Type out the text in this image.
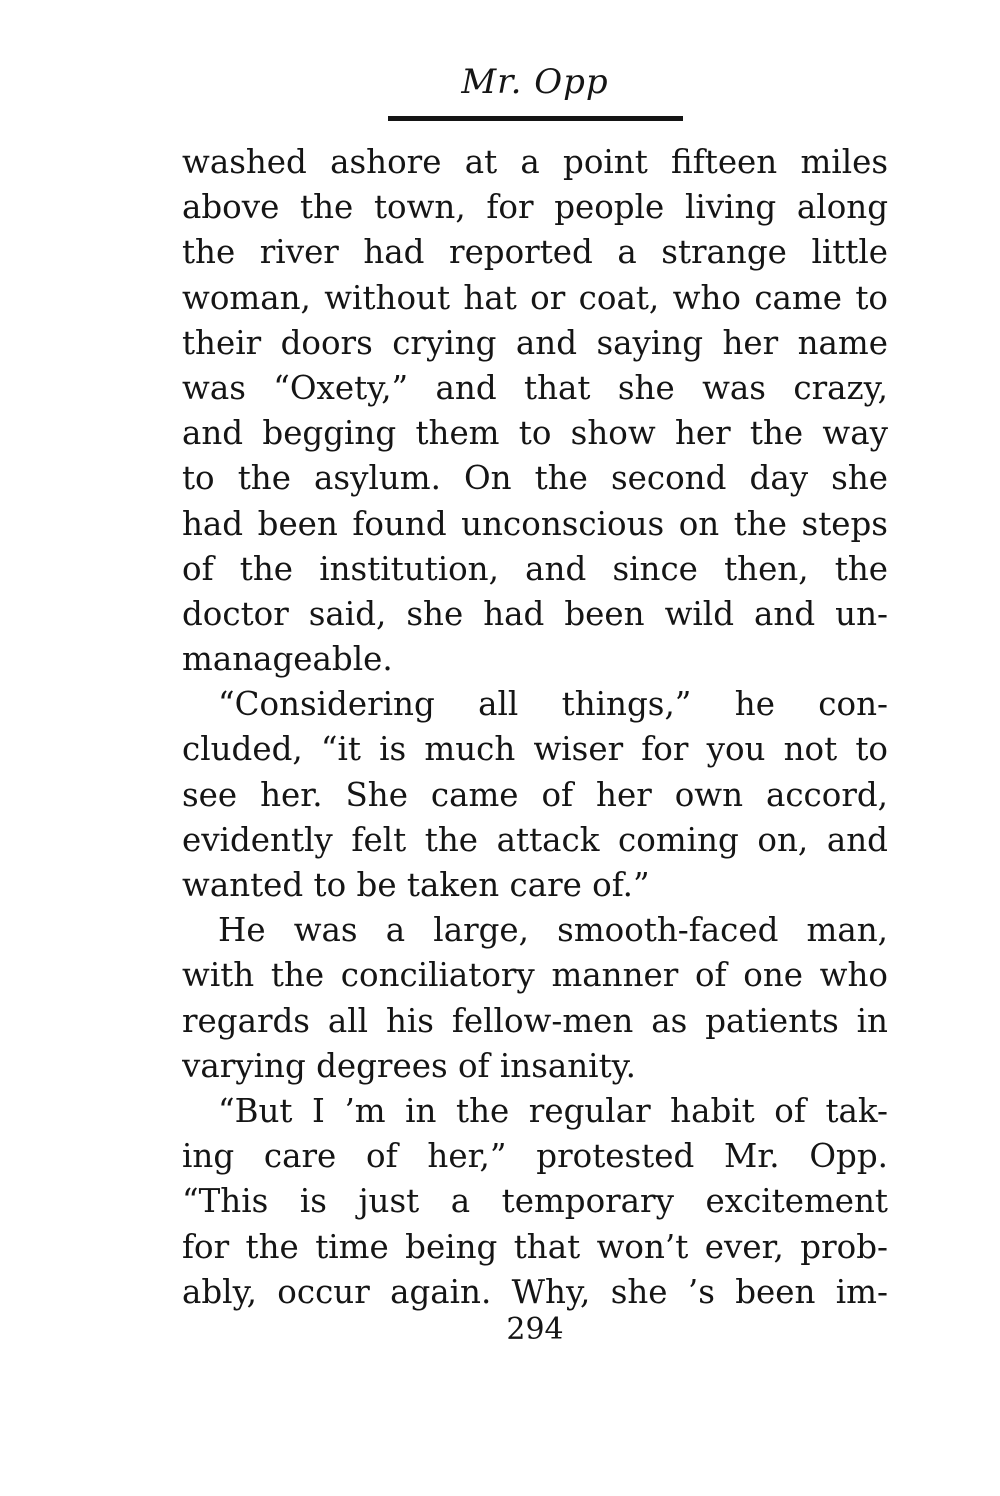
Mr. Opp
washed ashore at a point fifteen miles
above the town, for people living along
the river had reported a strange little
woman, without hat or coat, who came to
their doors crying and saying her name
was “Oxety,” and that she was crazy,
and begging them to show her the way
to the asylum. On the second day she
had been found unconscious on the steps
of the institution, and since then, the
doctor said, she had been wild and un-
manageable.
“Considering all things,” he con-
cluded, “it is much wiser for you not to
see her. She came of her own accord,
evidently felt the attack coming on, and
wanted to be taken care of.”
He was a large, smooth-faced man,
with the conciliatory manner of one who
regards all his fellow-men as patients in
varying degrees of insanity.
“But I ’m in the regular habit of tak-
ing care of her,” protested Mr. Opp.
“This is just a temporary excitement
for the time being that won’t ever, prob-
ably, occur again. Why, she ’s been im-
294
